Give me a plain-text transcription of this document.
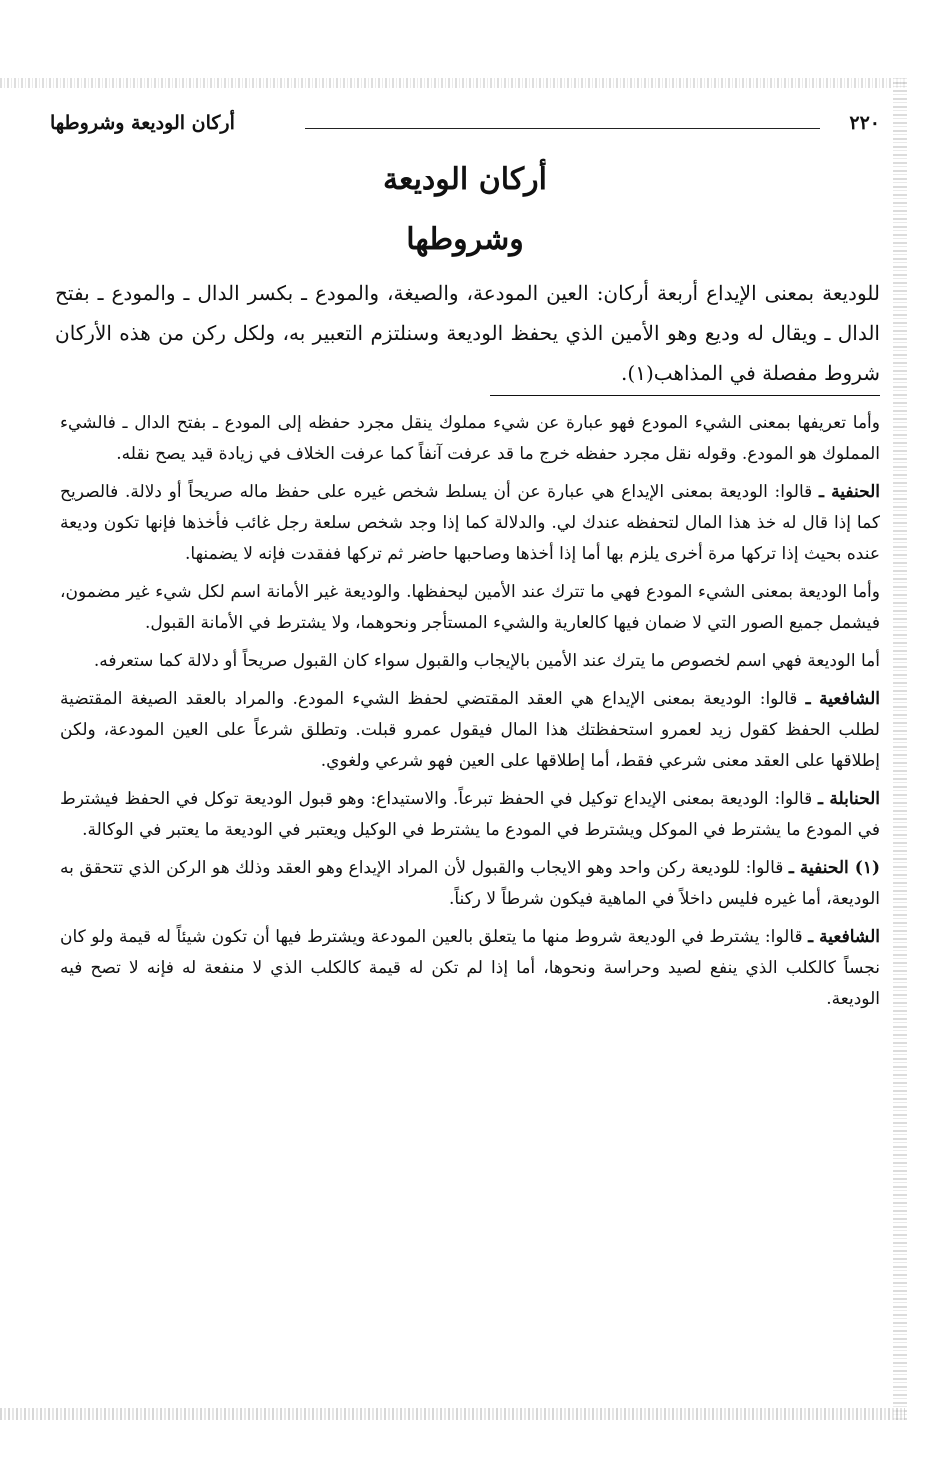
٢٢٠
أركان الوديعة وشروطها
أركان الوديعة
وشروطها

للوديعة بمعنى الإيداع أربعة أركان: العين المودعة، والصيغة، والمودع ـ بكسر الدال ـ والمودع ـ بفتح الدال ـ ويقال له وديع وهو الأمين الذي يحفظ الوديعة وسنلتزم التعبير به، ولكل ركن من هذه الأركان شروط مفصلة في المذاهب(١).

وأما تعريفها بمعنى الشيء المودع فهو عبارة عن شيء مملوك ينقل مجرد حفظه إلى المودع ـ بفتح الدال ـ فالشيء المملوك هو المودع. وقوله نقل مجرد حفظه خرج ما قد عرفت آنفاً كما عرفت الخلاف في زيادة قيد يصح نقله.

الحنفية ـ قالوا: الوديعة بمعنى الإيداع هي عبارة عن أن يسلط شخص غيره على حفظ ماله صريحاً أو دلالة. فالصريح كما إذا قال له خذ هذا المال لتحفظه عندك لي. والدلالة كما إذا وجد شخص سلعة رجل غائب فأخذها فإنها تكون وديعة عنده بحيث إذا تركها مرة أخرى يلزم بها أما إذا أخذها وصاحبها حاضر ثم تركها ففقدت فإنه لا يضمنها.

وأما الوديعة بمعنى الشيء المودع فهي ما تترك عند الأمين ليحفظها. والوديعة غير الأمانة اسم لكل شيء غير مضمون، فيشمل جميع الصور التي لا ضمان فيها كالعارية والشيء المستأجر ونحوهما، ولا يشترط في الأمانة القبول.

أما الوديعة فهي اسم لخصوص ما يترك عند الأمين بالإيجاب والقبول سواء كان القبول صريحاً أو دلالة كما ستعرفه.

الشافعية ـ قالوا: الوديعة بمعنى الإيداع هي العقد المقتضي لحفظ الشيء المودع. والمراد بالعقد الصيغة المقتضية لطلب الحفظ كقول زيد لعمرو استحفظتك هذا المال فيقول عمرو قبلت. وتطلق شرعاً على العين المودعة، ولكن إطلاقها على العقد معنى شرعي فقط، أما إطلاقها على العين فهو شرعي ولغوي.

الحنابلة ـ قالوا: الوديعة بمعنى الإيداع توكيل في الحفظ تبرعاً. والاستيداع: وهو قبول الوديعة توكل في الحفظ فيشترط في المودع ما يشترط في الموكل ويشترط في المودع ما يشترط في الوكيل ويعتبر في الوديعة ما يعتبر في الوكالة.

(١) الحنفية ـ قالوا: للوديعة ركن واحد وهو الايجاب والقبول لأن المراد الإيداع وهو العقد وذلك هو الركن الذي تتحقق به الوديعة، أما غيره فليس داخلاً في الماهية فيكون شرطاً لا ركناً.

الشافعية ـ قالوا: يشترط في الوديعة شروط منها ما يتعلق بالعين المودعة ويشترط فيها أن تكون شيئاً له قيمة ولو كان نجساً كالكلب الذي ينفع لصيد وحراسة ونحوها، أما إذا لم تكن له قيمة كالكلب الذي لا منفعة له فإنه لا تصح فيه الوديعة.
